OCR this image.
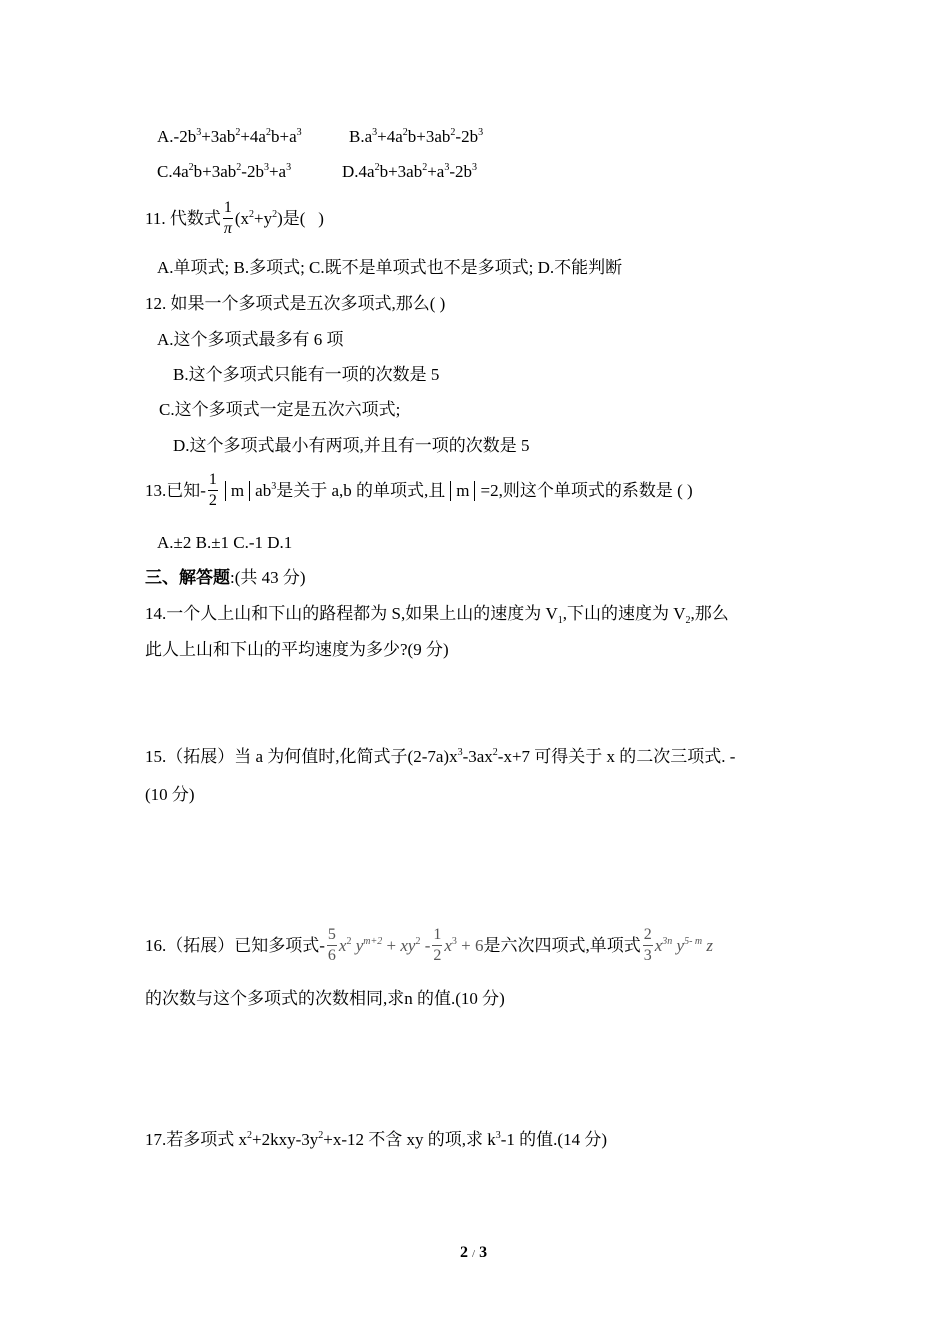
$A.-2b^3+3ab^2+4a^2b+a^3$	$B.a^3+4a^2b+3ab^2-2b^3$
$C.4a^2b+3ab^2-2b^3+a^3$	$D.4a^2b+3ab^2+a^3-2b^3$
11. 代数式 $\frac{1}{\pi} (x^2+y^2)$是(   )
A.单项式; B.多项式; C.既不是单项式也不是多项式; D.不能判断
12. 如果一个多项式是五次多项式,那么( )
A.这个多项式最多有 6 项
B.这个多项式只能有一项的次数是 5
C.这个多项式一定是五次六项式;
D.这个多项式最小有两项,并且有一项的次数是 5
13.已知- $\frac{1}{2}$ m $ab^3$是关于 a,b 的单项式,且 m =2,则这个单项式的系数是 ( )
A.±2 B.±1 C.-1 D.1
三、解答题:(共 43 分)
14.一个人上山和下山的路程都为 S,如果上山的速度为 $V_1$,下山的速度为 $V_2$,那么
此人上山和下山的平均速度为多少?(9 分)
15.（拓展）当 a 为何值时,化简式子$(2-7a)x^3-3ax^2-x+7$ 可得关于 x 的二次三项式. -
(10 分)
16.（拓展）已知多项式- $\frac{5}{6} x^2$ $y^{m+2} + xy^2 - \frac{1}{2} x^3 + 6$是六次四项式,单项式 $\frac{2}{3} x^{3n}$ $y^{5- m}$ z
的次数与这个多项式的次数相同,求n 的值.(10 分)
17.若多项式 $x^2+2kxy-3y^2+x-12$ 不含 xy 的项,求 $k^3-1$ 的值.(14 分)
2 / 3
